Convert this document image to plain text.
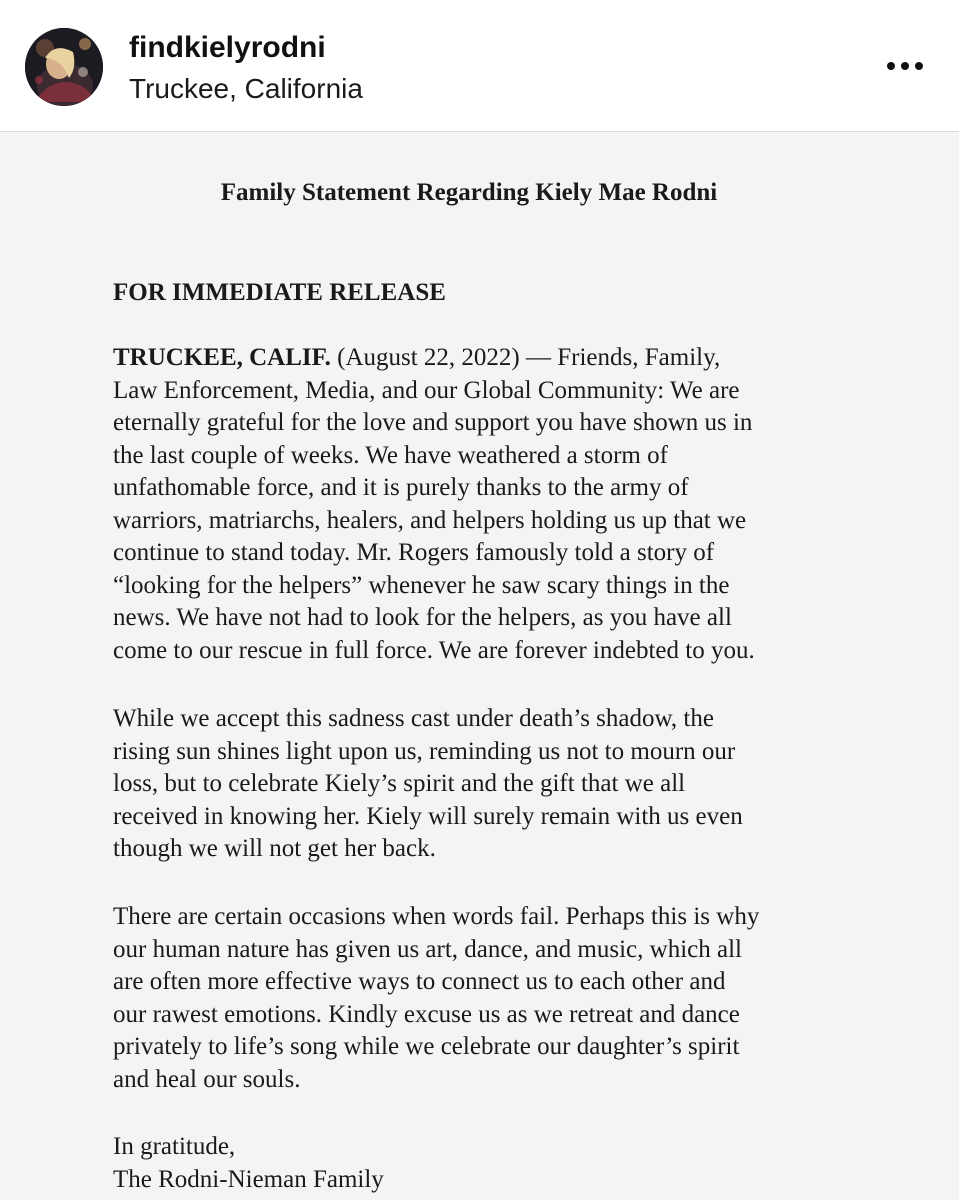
findkielyrodni
Truckee, California
Family Statement Regarding Kiely Mae Rodni
FOR IMMEDIATE RELEASE
TRUCKEE, CALIF. (August 22, 2022) — Friends, Family,
Law Enforcement, Media, and our Global Community: We are
eternally grateful for the love and support you have shown us in
the last couple of weeks. We have weathered a storm of
unfathomable force, and it is purely thanks to the army of
warriors, matriarchs, healers, and helpers holding us up that we
continue to stand today. Mr. Rogers famously told a story of
“looking for the helpers” whenever he saw scary things in the
news. We have not had to look for the helpers, as you have all
come to our rescue in full force. We are forever indebted to you.
While we accept this sadness cast under death’s shadow, the
rising sun shines light upon us, reminding us not to mourn our
loss, but to celebrate Kiely’s spirit and the gift that we all
received in knowing her. Kiely will surely remain with us even
though we will not get her back.
There are certain occasions when words fail. Perhaps this is why
our human nature has given us art, dance, and music, which all
are often more effective ways to connect us to each other and
our rawest emotions. Kindly excuse us as we retreat and dance
privately to life’s song while we celebrate our daughter’s spirit
and heal our souls.
In gratitude,
The Rodni-Nieman Family
